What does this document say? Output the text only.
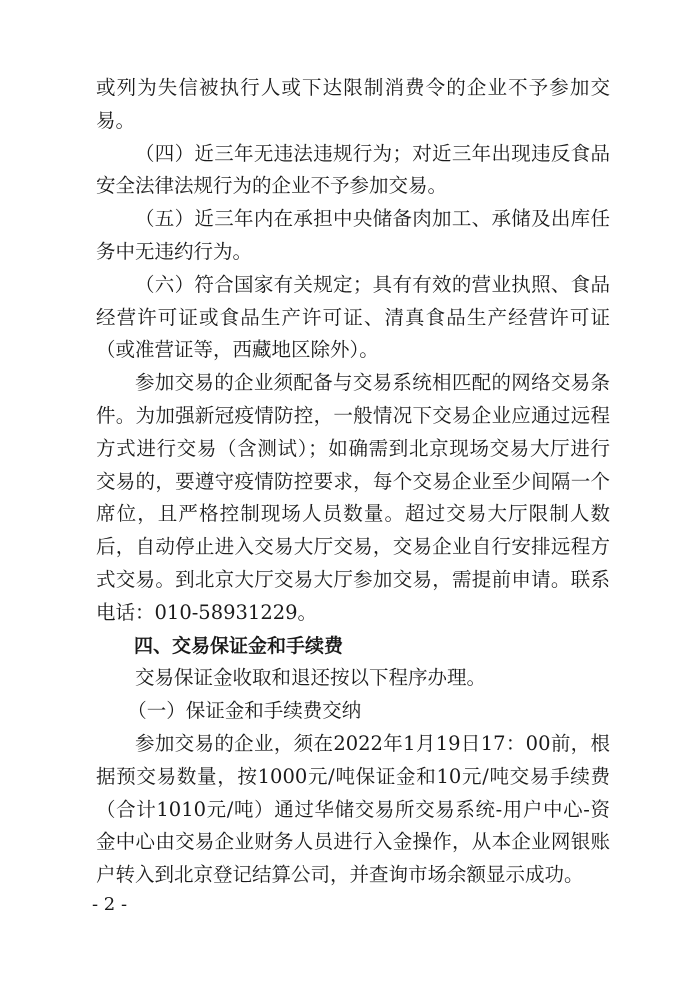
或列为失信被执行人或下达限制消费令的企业不予参加交易。

（四）近三年无违法违规行为；对近三年出现违反食品安全法律法规行为的企业不予参加交易。

（五）近三年内在承担中央储备肉加工、承储及出库任务中无违约行为。

（六）符合国家有关规定；具有有效的营业执照、食品经营许可证或食品生产许可证、清真食品生产经营许可证（或准营证等，西藏地区除外）。

参加交易的企业须配备与交易系统相匹配的网络交易条件。为加强新冠疫情防控，一般情况下交易企业应通过远程方式进行交易（含测试）；如确需到北京现场交易大厅进行交易的，要遵守疫情防控要求，每个交易企业至少间隔一个席位，且严格控制现场人员数量。超过交易大厅限制人数后，自动停止进入交易大厅交易，交易企业自行安排远程方式交易。到北京大厅交易大厅参加交易，需提前申请。联系电话：010-58931229。

四、交易保证金和手续费

交易保证金收取和退还按以下程序办理。

（一）保证金和手续费交纳

参加交易的企业，须在2022年1月19日17：00前，根据预交易数量，按1000元/吨保证金和10元/吨交易手续费（合计1010元/吨）通过华储交易所交易系统-用户中心-资金中心由交易企业财务人员进行入金操作，从本企业网银账户转入到北京登记结算公司，并查询市场余额显示成功。

- 2 -
